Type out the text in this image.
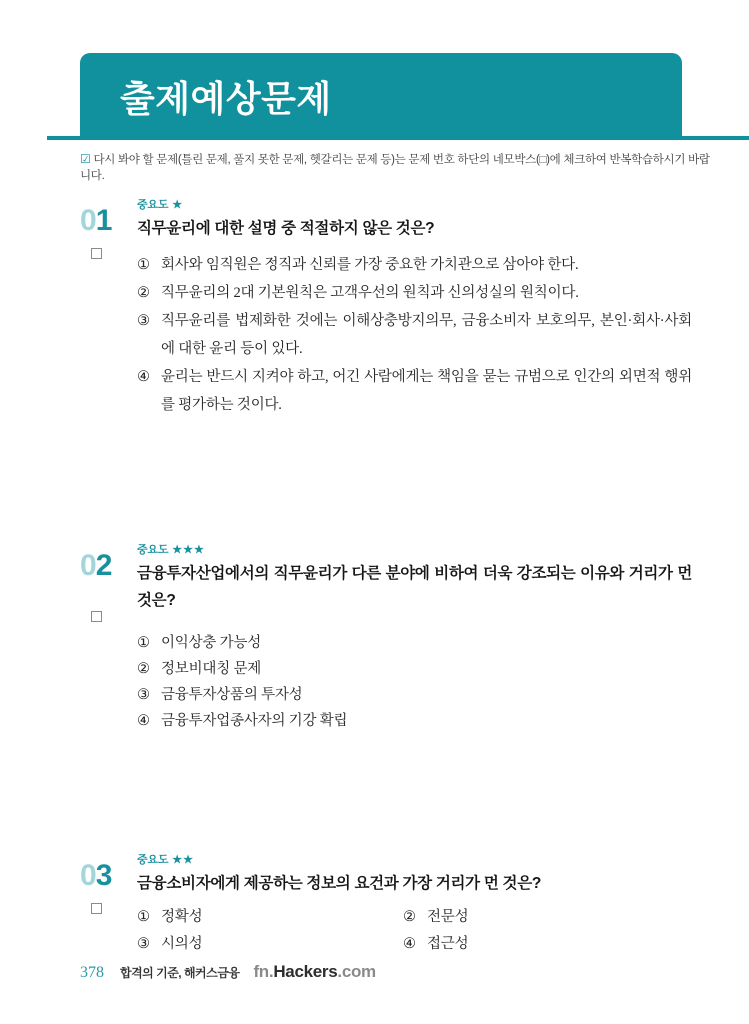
출제예상문제
☑ 다시 봐야 할 문제(틀린 문제, 풀지 못한 문제, 헷갈리는 문제 등)는 문제 번호 하단의 네모박스(□)에 체크하여 반복학습하시기 바랍니다.
01	중요도 ★
직무윤리에 대한 설명 중 적절하지 않은 것은?
① 회사와 임직원은 정직과 신뢰를 가장 중요한 가치관으로 삼아야 한다.
② 직무윤리의 2대 기본원칙은 고객우선의 원칙과 신의성실의 원칙이다.
③ 직무윤리를 법제화한 것에는 이해상충방지의무, 금융소비자 보호의무, 본인·회사·사회에 대한 윤리 등이 있다.
④ 윤리는 반드시 지켜야 하고, 어긴 사람에게는 책임을 묻는 규범으로 인간의 외면적 행위를 평가하는 것이다.
02	중요도 ★★★
금융투자산업에서의 직무윤리가 다른 분야에 비하여 더욱 강조되는 이유와 거리가 먼 것은?
① 이익상충 가능성
② 정보비대칭 문제
③ 금융투자상품의 투자성
④ 금융투자업종사자의 기강 확립
03	중요도 ★★
금융소비자에게 제공하는 정보의 요건과 가장 거리가 먼 것은?
① 정확성	② 전문성
③ 시의성	④ 접근성
378 합격의 기준, 해커스금융 fn.Hackers.com
